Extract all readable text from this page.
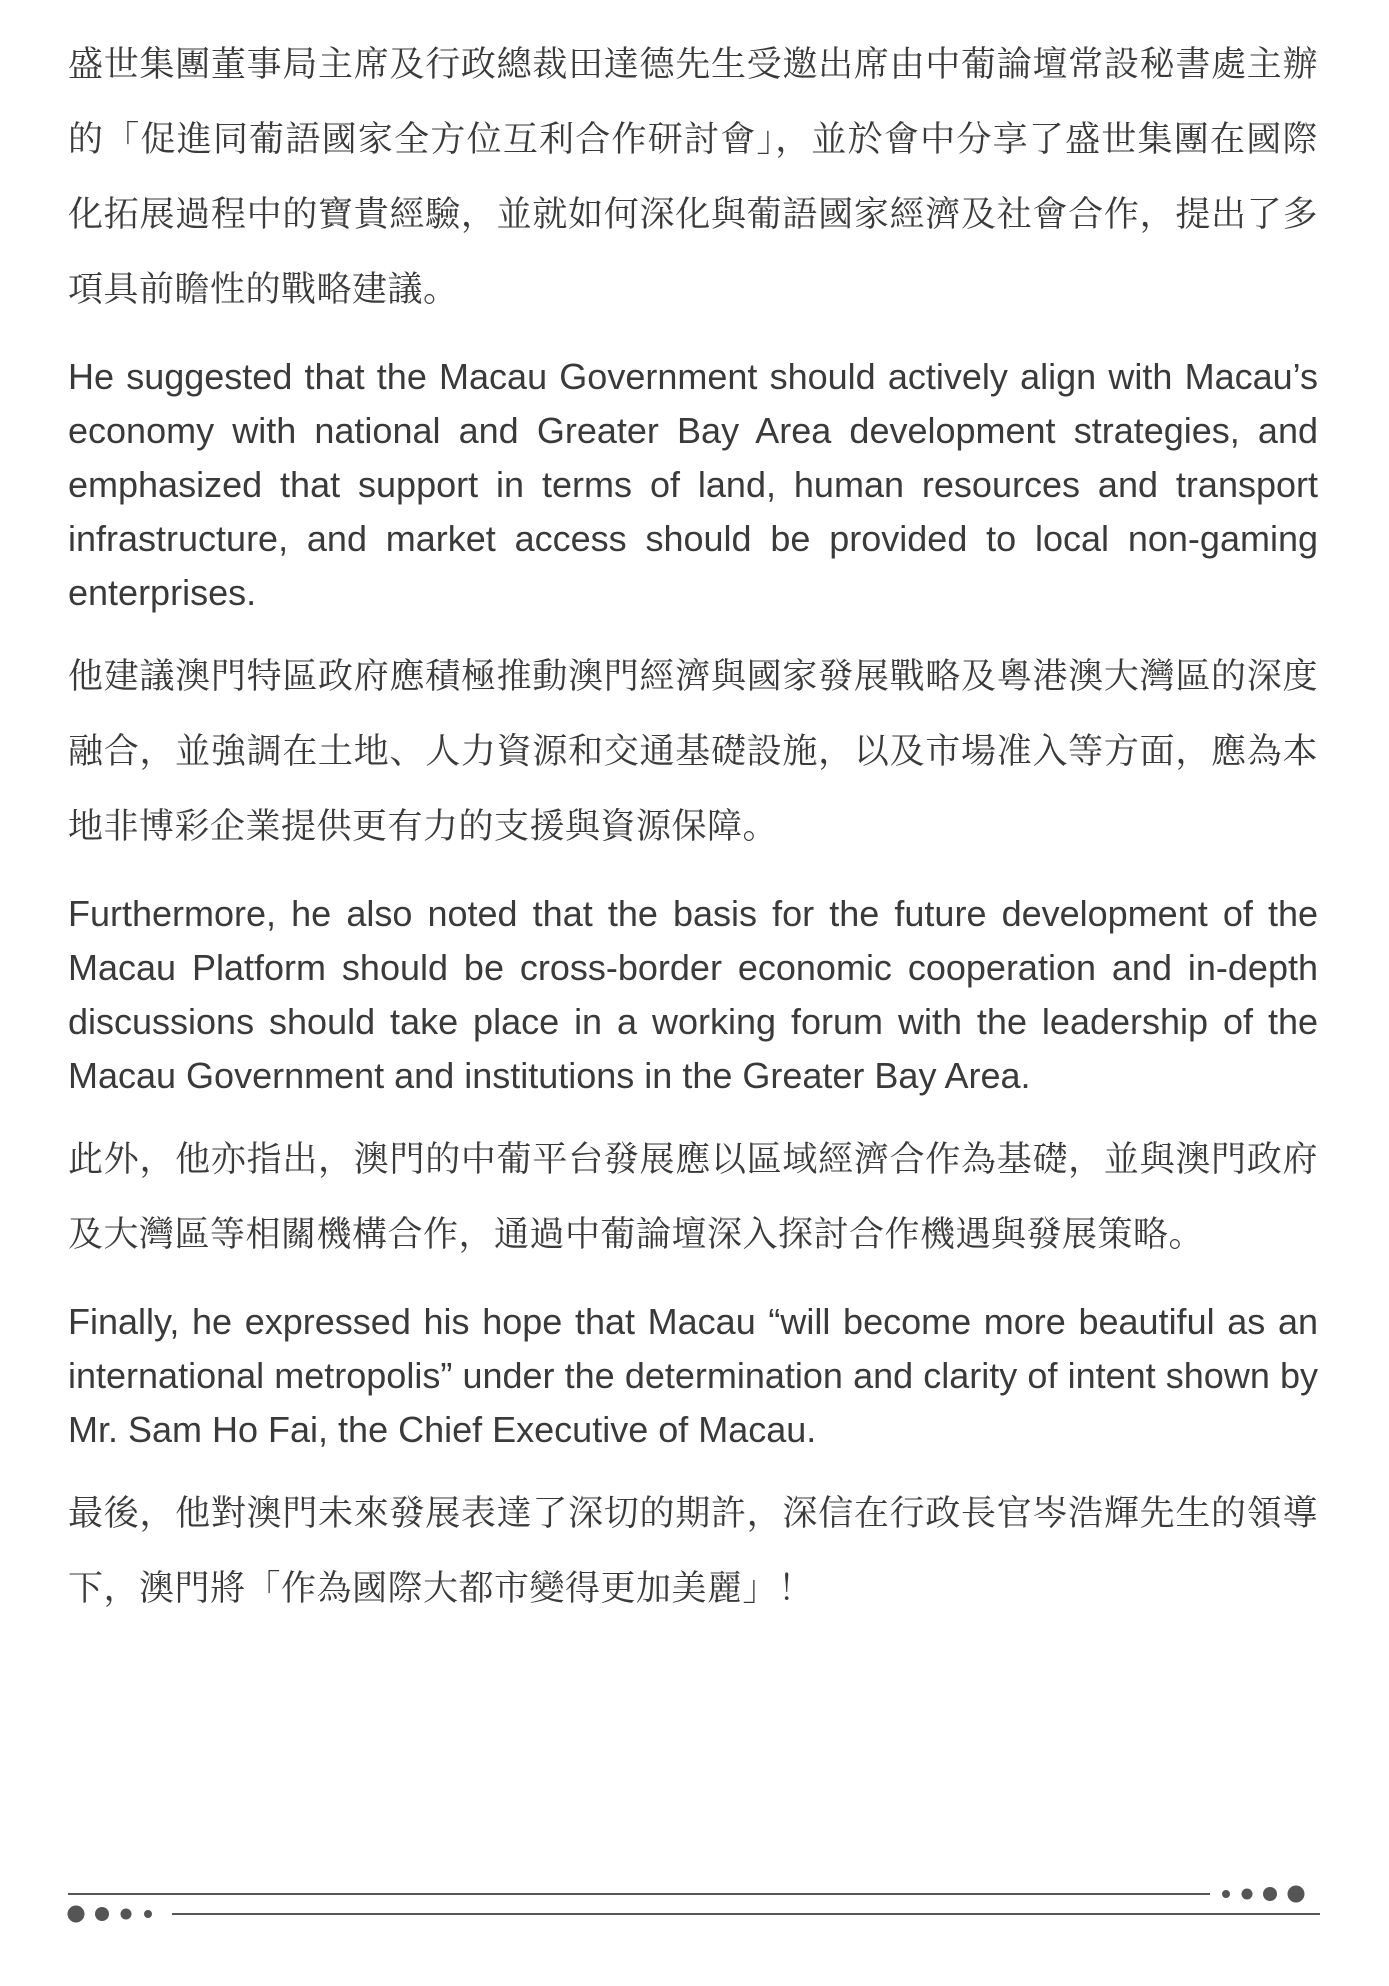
盛世集團董事局主席及行政總裁田達德先生受邀出席由中葡論壇常設秘書處主辦的「促進同葡語國家全方位互利合作研討會」，並於會中分享了盛世集團在國際化拓展過程中的寶貴經驗，並就如何深化與葡語國家經濟及社會合作，提出了多項具前瞻性的戰略建議。

He suggested that the Macau Government should actively align with Macau’s economy with national and Greater Bay Area development strategies, and emphasized that support in terms of land, human resources and transport infrastructure, and market access should be provided to local non-gaming enterprises.

他建議澳門特區政府應積極推動澳門經濟與國家發展戰略及粵港澳大灣區的深度融合，並強調在土地、人力資源和交通基礎設施，以及市場准入等方面，應為本地非博彩企業提供更有力的支援與資源保障。

Furthermore, he also noted that the basis for the future development of the Macau Platform should be cross-border economic cooperation and in-depth discussions should take place in a working forum with the leadership of the Macau Government and institutions in the Greater Bay Area.

此外，他亦指出，澳門的中葡平台發展應以區域經濟合作為基礎，並與澳門政府及大灣區等相關機構合作，通過中葡論壇深入探討合作機遇與發展策略。

Finally, he expressed his hope that Macau “will become more beautiful as an international metropolis” under the determination and clarity of intent shown by Mr. Sam Ho Fai, the Chief Executive of Macau.

最後，他對澳門未來發展表達了深切的期許，深信在行政長官岑浩輝先生的領導下，澳門將「作為國際大都市變得更加美麗」！
